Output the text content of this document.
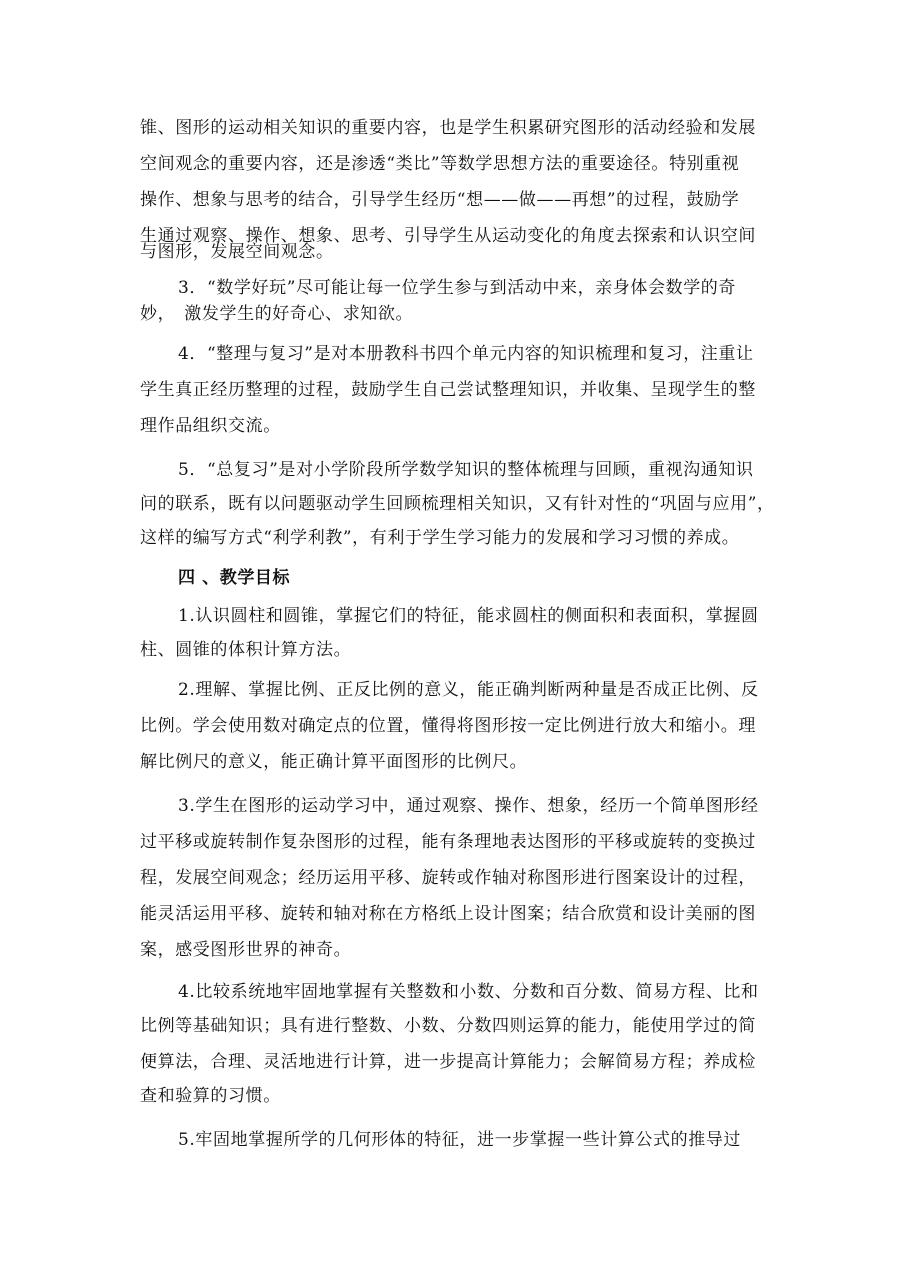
锥、图形的运动相关知识的重要内容，也是学生积累研究图形的活动经验和发展
空间观念的重要内容，还是渗透“类比”等数学思想方法的重要途径。特别重视
操作、想象与思考的结合，引导学生经历“想——做——再想”的过程，鼓励学
生通过观察、操作、想象、思考、引导学生从运动变化的角度去探索和认识空间
与图形，发展空间观念。
3．“数学好玩”尽可能让每一位学生参与到活动中来，亲身体会数学的奇
妙，　激发学生的好奇心、求知欲。
4．“整理与复习”是对本册教科书四个单元内容的知识梳理和复习，注重让
学生真正经历整理的过程，鼓励学生自己尝试整理知识，并收集、呈现学生的整
理作品组织交流。
5．“总复习”是对小学阶段所学数学知识的整体梳理与回顾，重视沟通知识
问的联系，既有以问题驱动学生回顾梳理相关知识，又有针对性的“巩固与应用”，
这样的编写方式“利学利教”，有利于学生学习能力的发展和学习习惯的养成。
四 、教学目标
1.认识圆柱和圆锥，掌握它们的特征，能求圆柱的侧面积和表面积，掌握圆
柱、圆锥的体积计算方法。
2.理解、掌握比例、正反比例的意义，能正确判断两种量是否成正比例、反
比例。学会使用数对确定点的位置，懂得将图形按一定比例进行放大和缩小。理
解比例尺的意义，能正确计算平面图形的比例尺。
3.学生在图形的运动学习中，通过观察、操作、想象，经历一个简单图形经
过平移或旋转制作复杂图形的过程，能有条理地表达图形的平移或旋转的变换过
程，发展空间观念；经历运用平移、旋转或作轴对称图形进行图案设计的过程，
能灵活运用平移、旋转和轴对称在方格纸上设计图案；结合欣赏和设计美丽的图
案，感受图形世界的神奇。
4.比较系统地牢固地掌握有关整数和小数、分数和百分数、简易方程、比和
比例等基础知识；具有进行整数、小数、分数四则运算的能力，能使用学过的简
便算法，合理、灵活地进行计算，进一步提高计算能力；会解简易方程；养成检
查和验算的习惯。
5.牢固地掌握所学的几何形体的特征，进一步掌握一些计算公式的推导过
